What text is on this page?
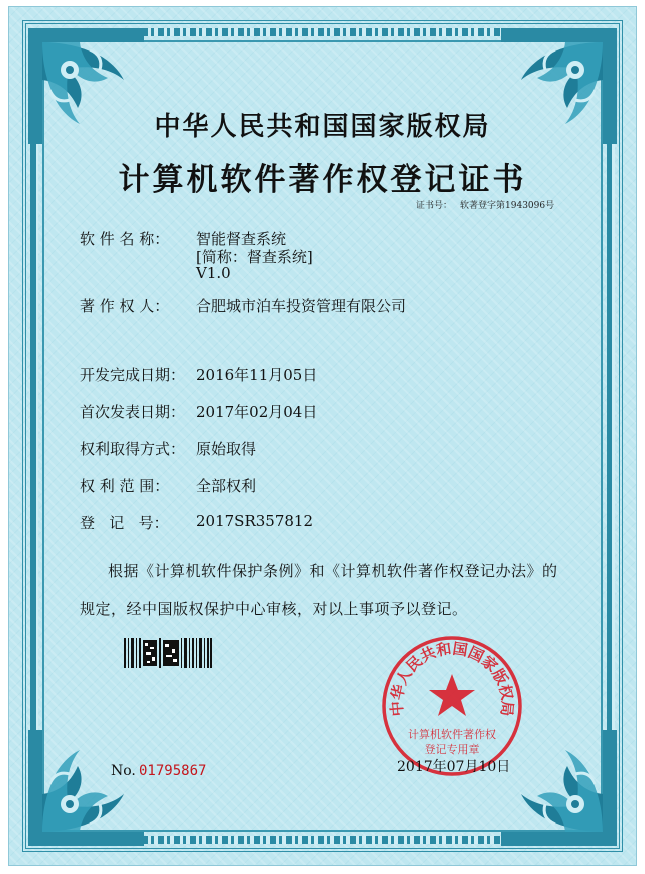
中华人民共和国国家版权局
计算机软件著作权登记证书
证书号： 软著登字第1943096号
软 件 名 称： 智能督查系统
[简称：督查系统]
V1.0
著 作 权 人： 合肥城市泊车投资管理有限公司
开发完成日期： 2016年11月05日
首次发表日期： 2017年02月04日
权利取得方式： 原始取得
权 利 范 围： 全部权利
登   记   号： 2017SR357812
根据《计算机软件保护条例》和《计算机软件著作权登记办法》的
规定，经中国版权保护中心审核，对以上事项予以登记。
No. 01795867
中华人民共和国国家版权局
计算机软件著作权
登记专用章
2017年07月10日
